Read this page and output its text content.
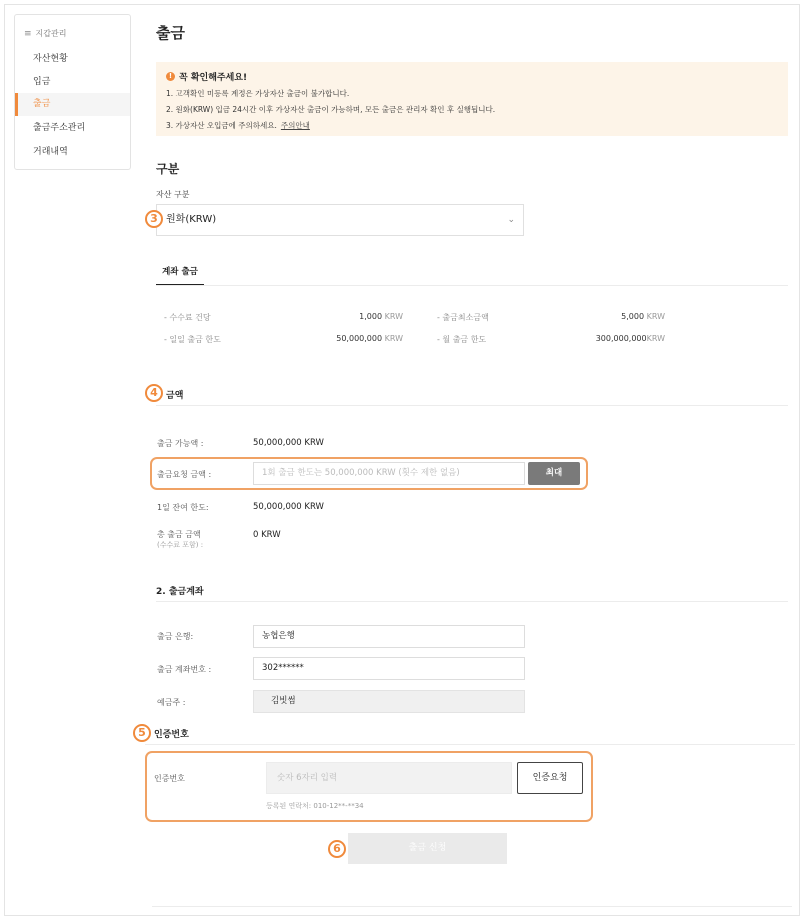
≡ 지갑관리
자산현황
입금
출금
출금주소관리
거래내역
출금
! 꼭 확인해주세요!

1. 고객확인 미등록 계정은 가상자산 출금이 불가합니다.

2. 원화(KRW) 입금 24시간 이후 가상자산 출금이 가능하며, 모든 출금은 관리자 확인 후 실행됩니다.

3. 가상자산 오입금에 주의하세요. 주의안내

구분
자산 구분
원화(KRW)	⌄
3
계좌 출금
- 수수료 건당	1,000 KRW	- 출금최소금액	5,000 KRW
- 일일 출금 한도	50,000,000 KRW	- 월 출금 한도	300,000,000KRW
4 금액
출금 가능액 :	50,000,000 KRW
출금요청 금액 :	1회 출금 한도는 50,000,000 KRW (횟수 제한 없음)	최대
1일 잔여 한도:	50,000,000 KRW
총 출금 금액
(수수료 포함) :
0 KRW
2. 출금계좌
출금 은행:	농협은행
출금 계좌번호 :	302******
예금주 :	김빗썸
5 인증번호
인증번호	숫자 6자리 입력	인증요청
등록된 연락처: 010-12**-**34
6	출금 신청
